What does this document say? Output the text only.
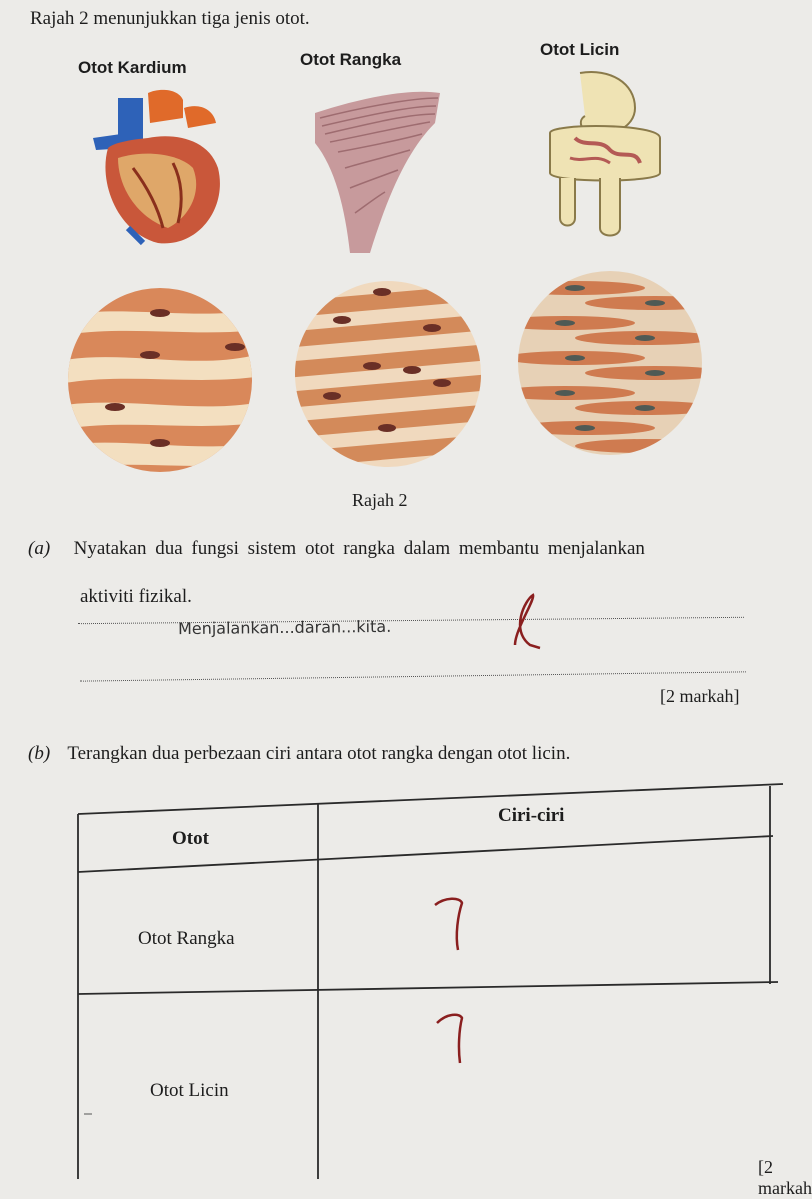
Rajah 2 menunjukkan tiga jenis otot.
Otot Kardium	Otot Rangka
Otot Licin
Rajah 2
(a) Nyatakan dua fungsi sistem otot rangka dalam membantu menjalankan
aktiviti fizikal.
Menjalankan...daran...kita.
[2 markah]
(b) Terangkan dua perbezaan ciri antara otot rangka dengan otot licin.
Otot
Ciri-ciri
Otot Rangka
Otot Licin
[2 markah
